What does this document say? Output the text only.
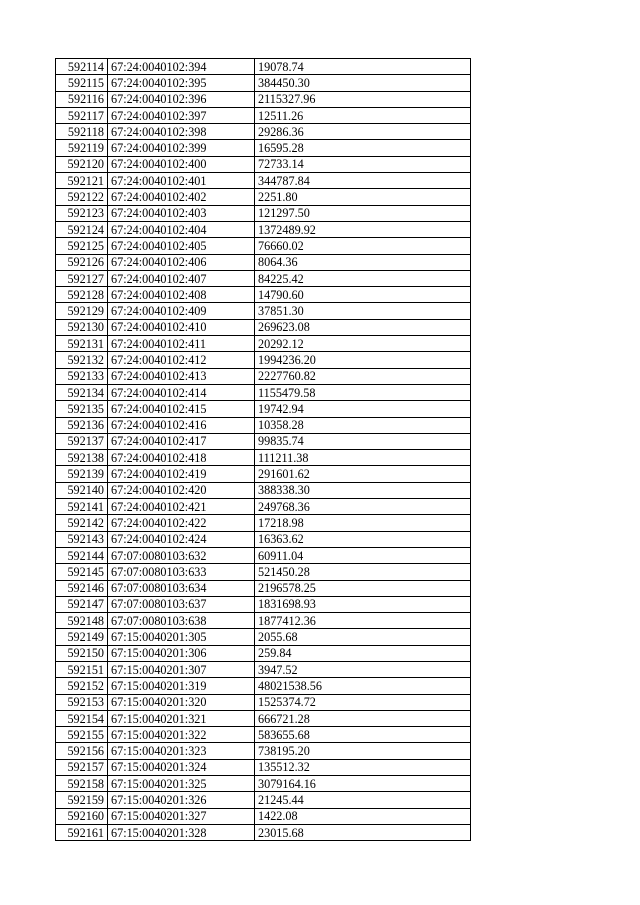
592114	67:24:0040102:394	19078.74
592115	67:24:0040102:395	384450.30
592116	67:24:0040102:396	2115327.96
592117	67:24:0040102:397	12511.26
592118	67:24:0040102:398	29286.36
592119	67:24:0040102:399	16595.28
592120	67:24:0040102:400	72733.14
592121	67:24:0040102:401	344787.84
592122	67:24:0040102:402	2251.80
592123	67:24:0040102:403	121297.50
592124	67:24:0040102:404	1372489.92
592125	67:24:0040102:405	76660.02
592126	67:24:0040102:406	8064.36
592127	67:24:0040102:407	84225.42
592128	67:24:0040102:408	14790.60
592129	67:24:0040102:409	37851.30
592130	67:24:0040102:410	269623.08
592131	67:24:0040102:411	20292.12
592132	67:24:0040102:412	1994236.20
592133	67:24:0040102:413	2227760.82
592134	67:24:0040102:414	1155479.58
592135	67:24:0040102:415	19742.94
592136	67:24:0040102:416	10358.28
592137	67:24:0040102:417	99835.74
592138	67:24:0040102:418	111211.38
592139	67:24:0040102:419	291601.62
592140	67:24:0040102:420	388338.30
592141	67:24:0040102:421	249768.36
592142	67:24:0040102:422	17218.98
592143	67:24:0040102:424	16363.62
592144	67:07:0080103:632	60911.04
592145	67:07:0080103:633	521450.28
592146	67:07:0080103:634	2196578.25
592147	67:07:0080103:637	1831698.93
592148	67:07:0080103:638	1877412.36
592149	67:15:0040201:305	2055.68
592150	67:15:0040201:306	259.84
592151	67:15:0040201:307	3947.52
592152	67:15:0040201:319	48021538.56
592153	67:15:0040201:320	1525374.72
592154	67:15:0040201:321	666721.28
592155	67:15:0040201:322	583655.68
592156	67:15:0040201:323	738195.20
592157	67:15:0040201:324	135512.32
592158	67:15:0040201:325	3079164.16
592159	67:15:0040201:326	21245.44
592160	67:15:0040201:327	1422.08
592161	67:15:0040201:328	23015.68
